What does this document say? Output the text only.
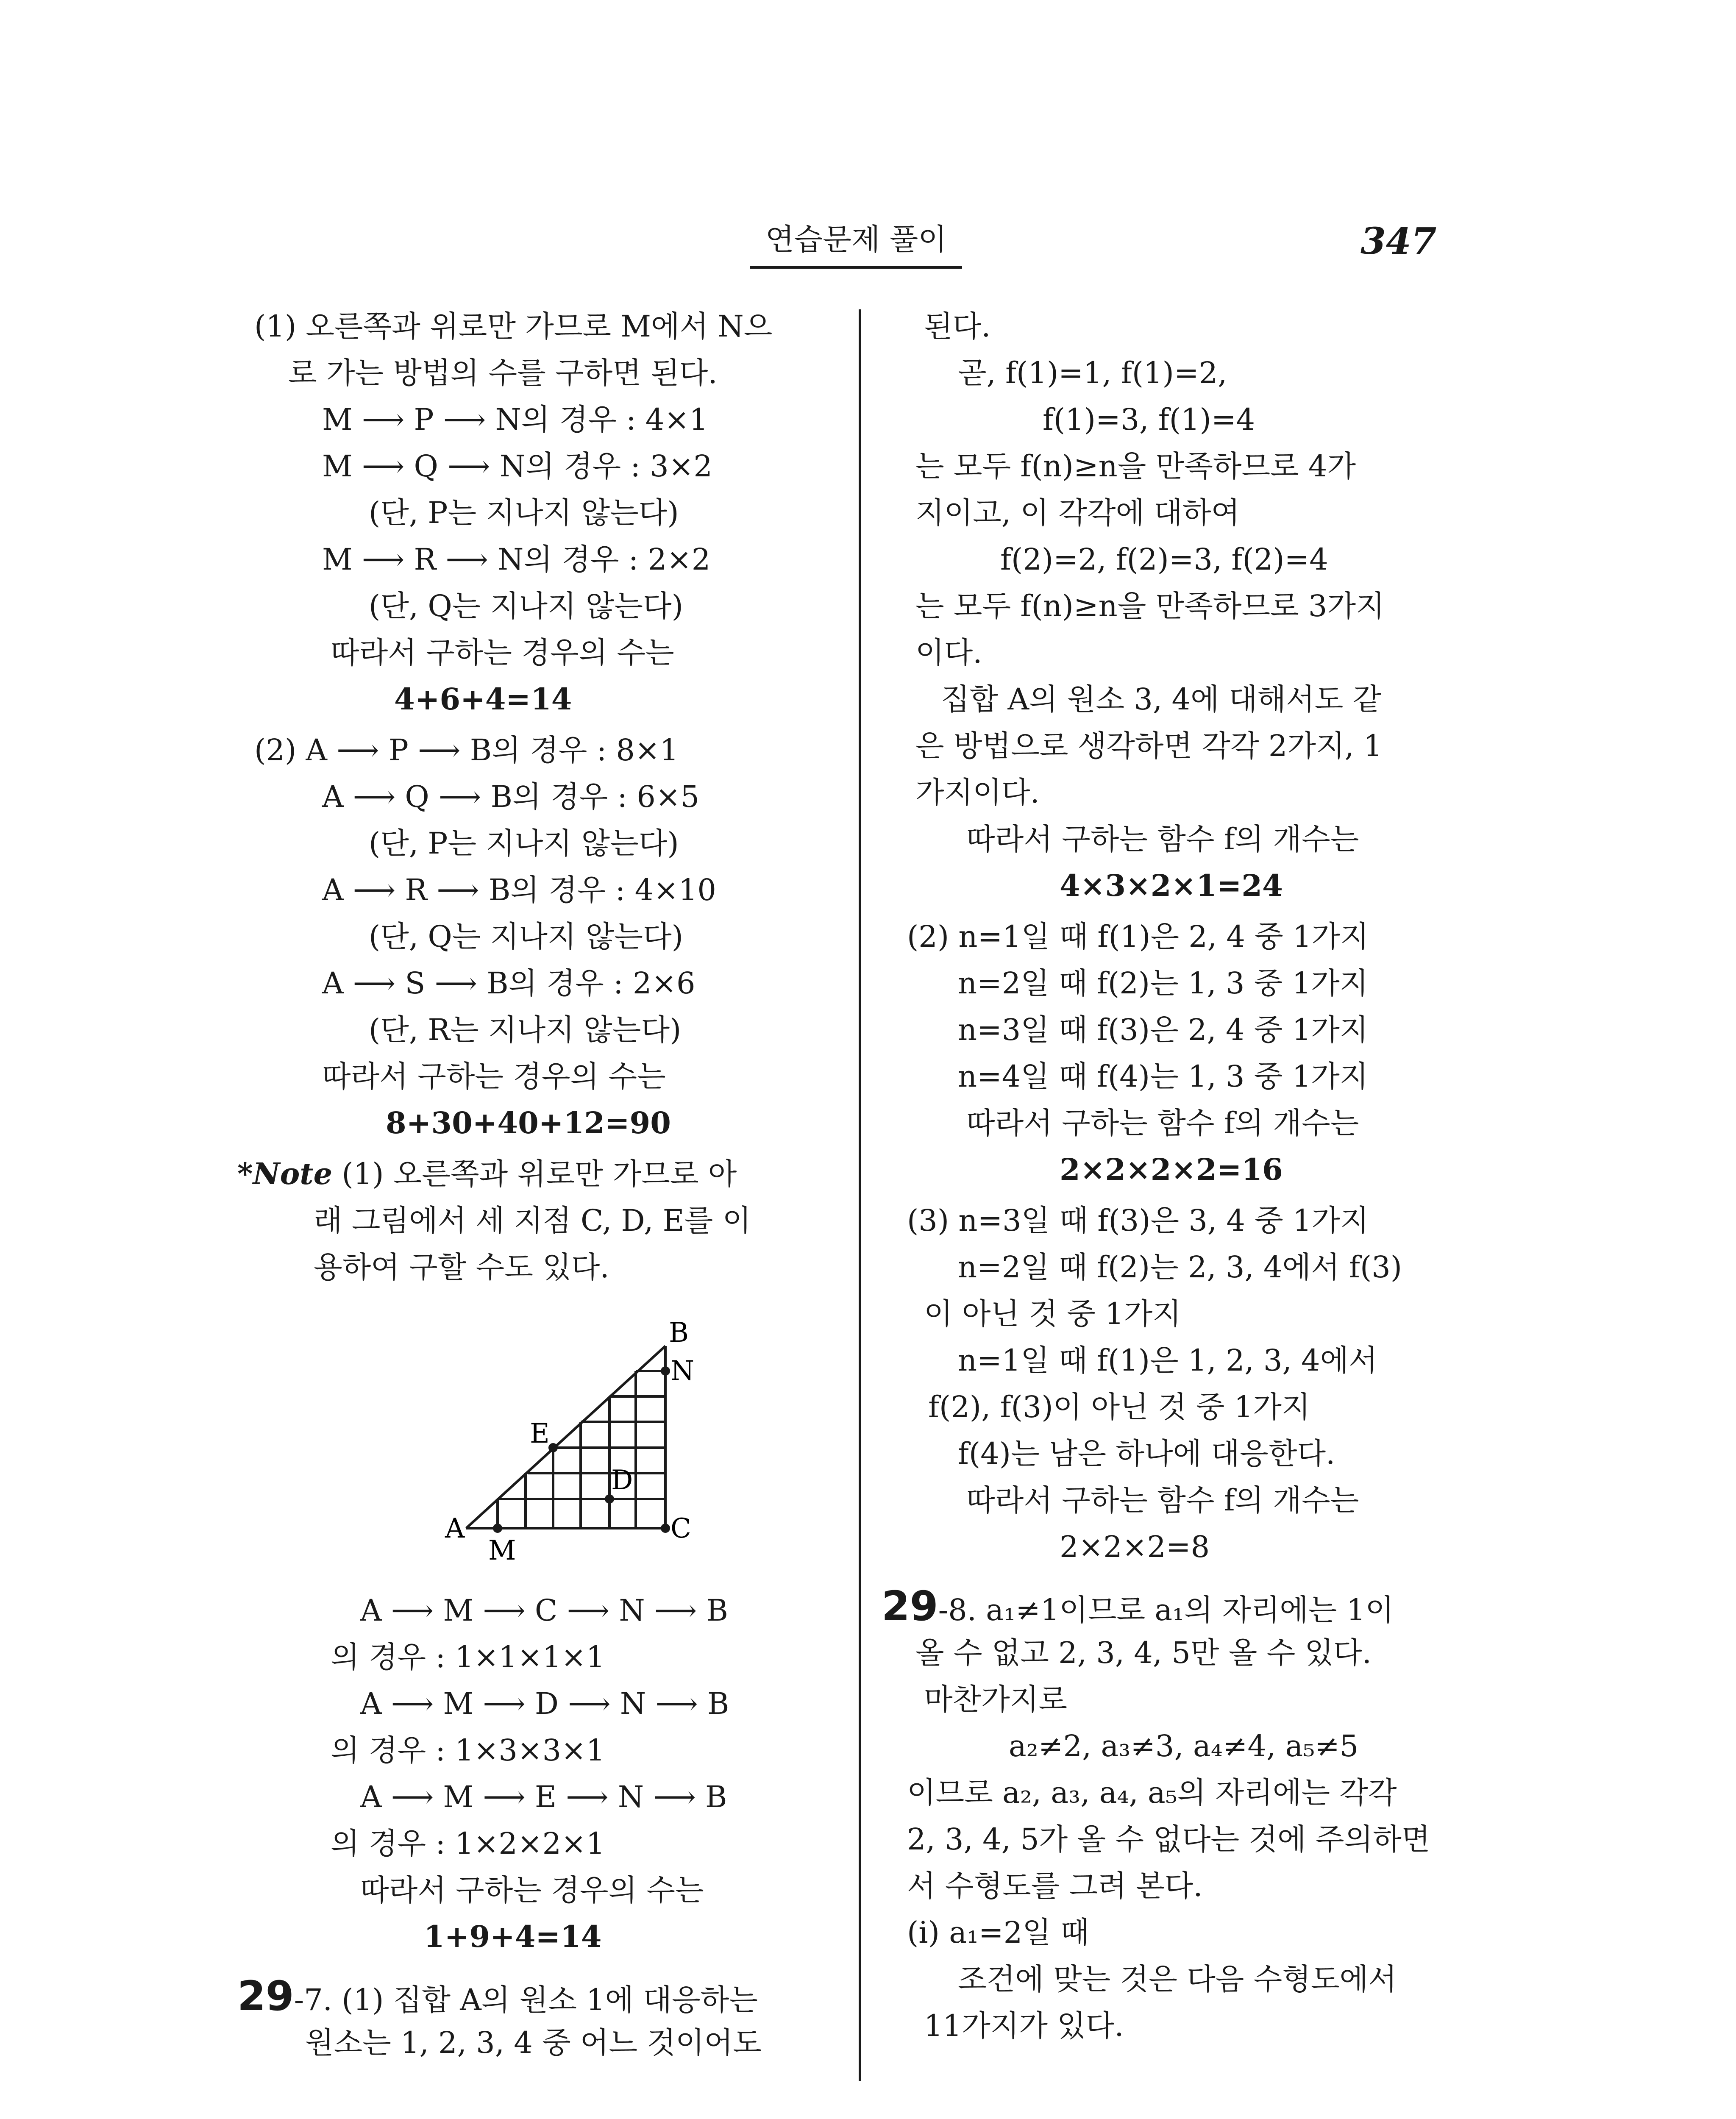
연습문제 풀이	347
(1) 오른쪽과 위로만 가므로 M에서 N으
로 가는 방법의 수를 구하면 된다.
M ⟶ P ⟶ N의 경우 : 4×1
M ⟶ Q ⟶ N의 경우 : 3×2
(단, P는 지나지 않는다)
M ⟶ R ⟶ N의 경우 : 2×2
(단, Q는 지나지 않는다)
따라서 구하는 경우의 수는
4+6+4=14
(2) A ⟶ P ⟶ B의 경우 : 8×1
A ⟶ Q ⟶ B의 경우 : 6×5
(단, P는 지나지 않는다)
A ⟶ R ⟶ B의 경우 : 4×10
(단, Q는 지나지 않는다)
A ⟶ S ⟶ B의 경우 : 2×6
(단, R는 지나지 않는다)
따라서 구하는 경우의 수는
8+30+40+12=90
*Note (1) 오른쪽과 위로만 가므로 아
래 그림에서 세 지점 C, D, E를 이
용하여 구할 수도 있다.
A
B
C
D
E
M
N
A ⟶ M ⟶ C ⟶ N ⟶ B
의 경우 : 1×1×1×1
A ⟶ M ⟶ D ⟶ N ⟶ B
의 경우 : 1×3×3×1
A ⟶ M ⟶ E ⟶ N ⟶ B
의 경우 : 1×2×2×1
따라서 구하는 경우의 수는
1+9+4=14
29-7. (1) 집합 A의 원소 1에 대응하는
원소는 1, 2, 3, 4 중 어느 것이어도
된다.
곧, f(1)=1, f(1)=2,
f(1)=3, f(1)=4
는 모두 f(n)≥n을 만족하므로 4가
지이고, 이 각각에 대하여
f(2)=2, f(2)=3, f(2)=4
는 모두 f(n)≥n을 만족하므로 3가지
이다.
집합 A의 원소 3, 4에 대해서도 같
은 방법으로 생각하면 각각 2가지, 1
가지이다.
따라서 구하는 함수 f의 개수는
4×3×2×1=24
(2) n=1일 때 f(1)은 2, 4 중 1가지
n=2일 때 f(2)는 1, 3 중 1가지
n=3일 때 f(3)은 2, 4 중 1가지
n=4일 때 f(4)는 1, 3 중 1가지
따라서 구하는 함수 f의 개수는
2×2×2×2=16
(3) n=3일 때 f(3)은 3, 4 중 1가지
n=2일 때 f(2)는 2, 3, 4에서 f(3)
이 아닌 것 중 1가지
n=1일 때 f(1)은 1, 2, 3, 4에서
f(2), f(3)이 아닌 것 중 1가지
f(4)는 남은 하나에 대응한다.
따라서 구하는 함수 f의 개수는
2×2×2=8
29-8. a₁≠1이므로 a₁의 자리에는 1이
올 수 없고 2, 3, 4, 5만 올 수 있다.
마찬가지로
a₂≠2, a₃≠3, a₄≠4, a₅≠5
이므로 a₂, a₃, a₄, a₅의 자리에는 각각
2, 3, 4, 5가 올 수 없다는 것에 주의하면
서 수형도를 그려 본다.
(i) a₁=2일 때
조건에 맞는 것은 다음 수형도에서
11가지가 있다.
